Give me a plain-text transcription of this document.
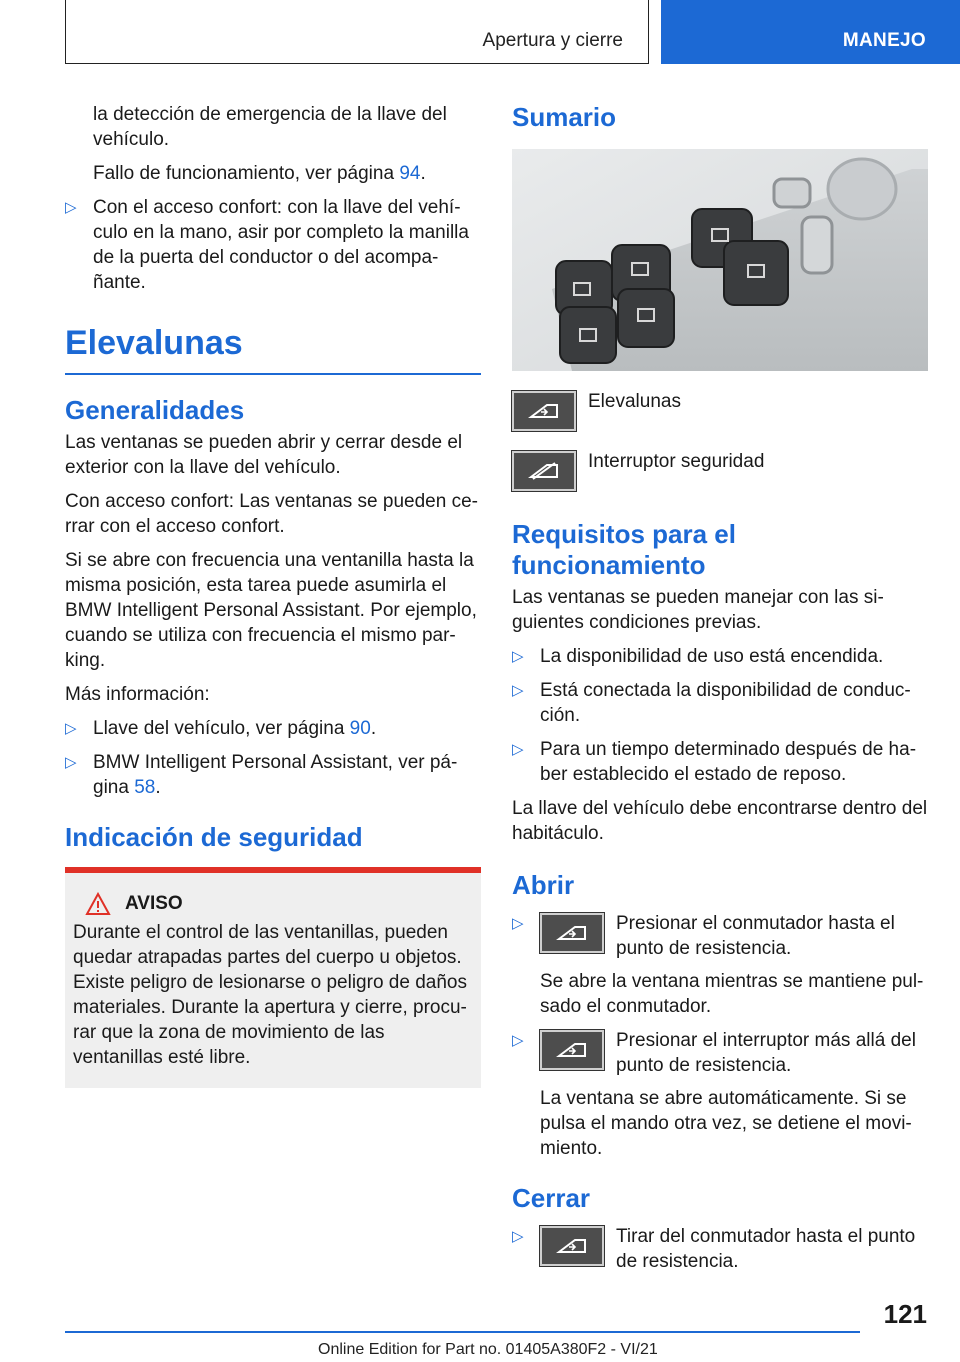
Apertura y cierre	MANEJO
la detección de emergencia de la llave del vehículo.
Fallo de funcionamiento, ver página 94.
▷ Con el acceso confort: con la llave del vehí-culo en la mano, asir por completo la manilla de la puerta del conductor o del acompa-ñante.
Elevalunas
Generalidades
Las ventanas se pueden abrir y cerrar desde el exterior con la llave del vehículo.
Con acceso confort: Las ventanas se pueden ce-rrar con el acceso confort.
Si se abre con frecuencia una ventanilla hasta la misma posición, esta tarea puede asumirla el BMW Intelligent Personal Assistant. Por ejemplo, cuando se utiliza con frecuencia el mismo par-king.
Más información:
▷ Llave del vehículo, ver página 90.
▷ BMW Intelligent Personal Assistant, ver pá-gina 58.
Indicación de seguridad
AVISO
Durante el control de las ventanillas, pueden quedar atrapadas partes del cuerpo u objetos. Existe peligro de lesionarse o peligro de daños materiales. Durante la apertura y cierre, procu-rar que la zona de movimiento de las ventanillas esté libre.
Sumario
Elevalunas
Interruptor seguridad
Requisitos para el funcionamiento
Las ventanas se pueden manejar con las si-guientes condiciones previas.
▷ La disponibilidad de uso está encendida.
▷ Está conectada la disponibilidad de conduc-ción.
▷ Para un tiempo determinado después de ha-ber establecido el estado de reposo.
La llave del vehículo debe encontrarse dentro del habitáculo.
Abrir
▷	Presionar el conmutador hasta el punto de resistencia.
Se abre la ventana mientras se mantiene pul-sado el conmutador.
▷	Presionar el interruptor más allá del punto de resistencia.
La ventana se abre automáticamente. Si se pulsa el mando otra vez, se detiene el movi-miento.
Cerrar
▷	Tirar del conmutador hasta el punto de resistencia.
121
Online Edition for Part no. 01405A380F2 - VI/21
